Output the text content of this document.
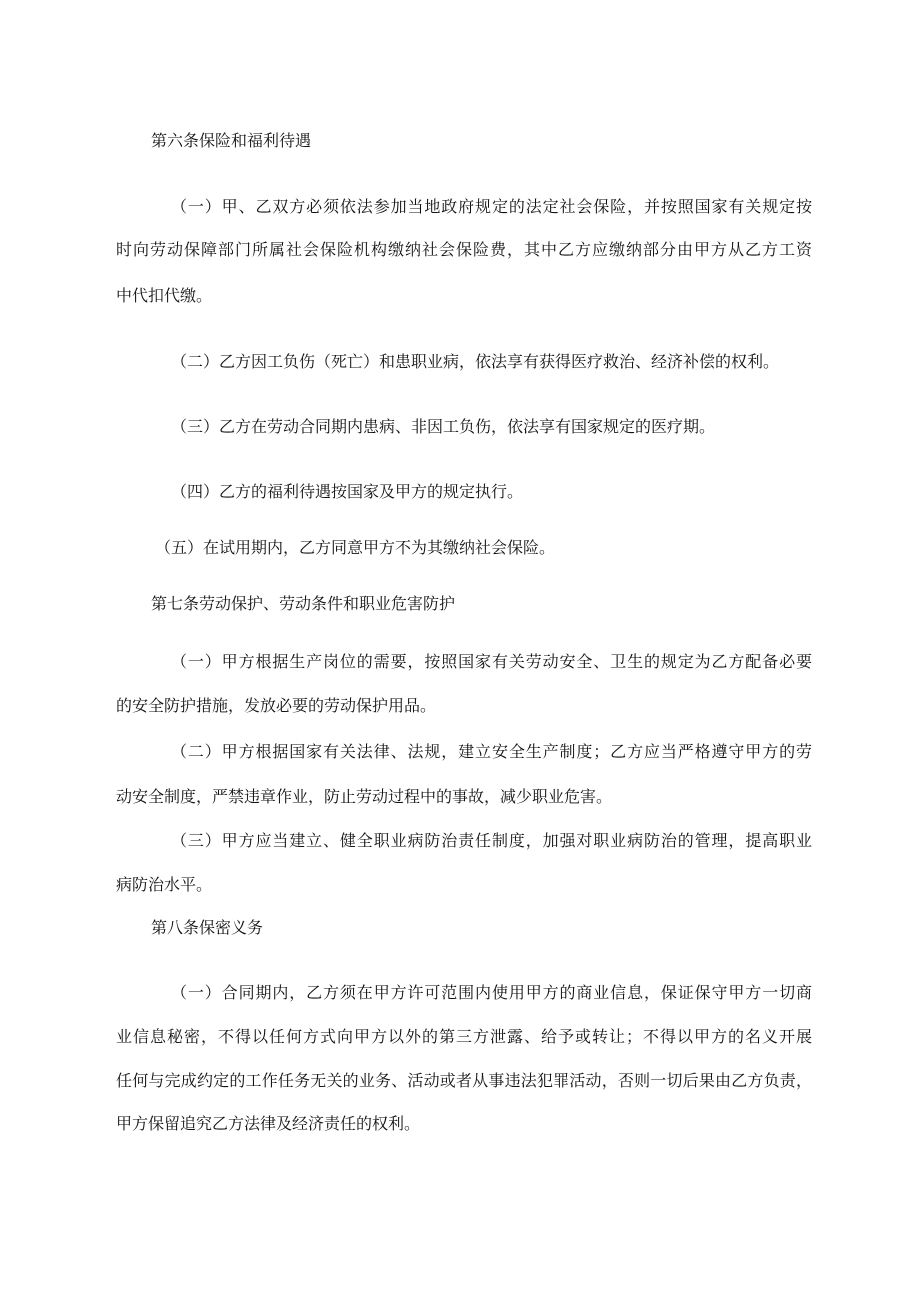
第六条保险和福利待遇
（一）甲、乙双方必须依法参加当地政府规定的法定社会保险，并按照国家有关规定按
时向劳动保障部门所属社会保险机构缴纳社会保险费，其中乙方应缴纳部分由甲方从乙方工资
中代扣代缴。
（二）乙方因工负伤（死亡）和患职业病，依法享有获得医疗救治、经济补偿的权利。
（三）乙方在劳动合同期内患病、非因工负伤，依法享有国家规定的医疗期。
（四）乙方的福利待遇按国家及甲方的规定执行。
（五）在试用期内，乙方同意甲方不为其缴纳社会保险。
第七条劳动保护、劳动条件和职业危害防护
（一）甲方根据生产岗位的需要，按照国家有关劳动安全、卫生的规定为乙方配备必要
的安全防护措施，发放必要的劳动保护用品。
（二）甲方根据国家有关法律、法规，建立安全生产制度；乙方应当严格遵守甲方的劳
动安全制度，严禁违章作业，防止劳动过程中的事故，减少职业危害。
（三）甲方应当建立、健全职业病防治责任制度，加强对职业病防治的管理，提高职业
病防治水平。
第八条保密义务
（一）合同期内，乙方须在甲方许可范围内使用甲方的商业信息，保证保守甲方一切商
业信息秘密，不得以任何方式向甲方以外的第三方泄露、给予或转让；不得以甲方的名义开展
任何与完成约定的工作任务无关的业务、活动或者从事违法犯罪活动，否则一切后果由乙方负责，
甲方保留追究乙方法律及经济责任的权利。
